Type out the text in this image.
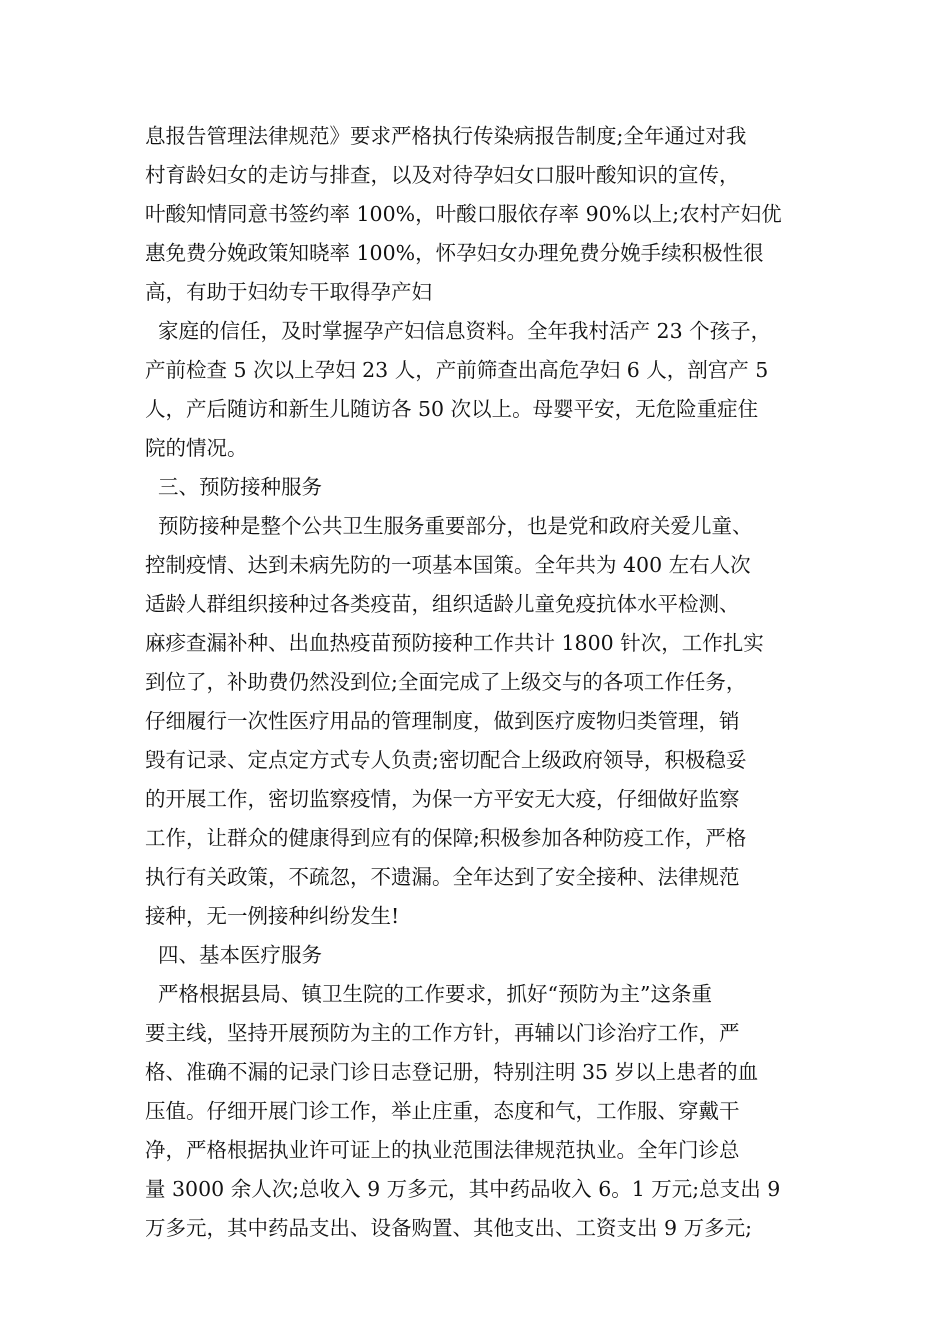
息报告管理法律规范》要求严格执行传染病报告制度;全年通过对我
村育龄妇女的走访与排查，以及对待孕妇女口服叶酸知识的宣传，
叶酸知情同意书签约率 100%，叶酸口服依存率 90%以上;农村产妇优
惠免费分娩政策知晓率 100%，怀孕妇女办理免费分娩手续积极性很
高，有助于妇幼专干取得孕产妇
家庭的信任，及时掌握孕产妇信息资料。全年我村活产 23 个孩子，
产前检查 5 次以上孕妇 23 人，产前筛查出高危孕妇 6 人，剖宫产 5
人，产后随访和新生儿随访各 50 次以上。母婴平安，无危险重症住
院的情况。
三、预防接种服务
预防接种是整个公共卫生服务重要部分，也是党和政府关爱儿童、
控制疫情、达到未病先防的一项基本国策。全年共为 400 左右人次
适龄人群组织接种过各类疫苗，组织适龄儿童免疫抗体水平检测、
麻疹查漏补种、出血热疫苗预防接种工作共计 1800 针次，工作扎实
到位了，补助费仍然没到位;全面完成了上级交与的各项工作任务，
仔细履行一次性医疗用品的管理制度，做到医疗废物归类管理，销
毁有记录、定点定方式专人负责;密切配合上级政府领导，积极稳妥
的开展工作，密切监察疫情，为保一方平安无大疫，仔细做好监察
工作，让群众的健康得到应有的保障;积极参加各种防疫工作，严格
执行有关政策，不疏忽，不遗漏。全年达到了安全接种、法律规范
接种，无一例接种纠纷发生!
四、基本医疗服务
严格根据县局、镇卫生院的工作要求，抓好“预防为主”这条重
要主线，坚持开展预防为主的工作方针，再辅以门诊治疗工作，严
格、准确不漏的记录门诊日志登记册，特别注明 35 岁以上患者的血
压值。仔细开展门诊工作，举止庄重，态度和气，工作服、穿戴干
净，严格根据执业许可证上的执业范围法律规范执业。全年门诊总
量 3000 余人次;总收入 9 万多元，其中药品收入 6。1 万元;总支出 9
万多元，其中药品支出、设备购置、其他支出、工资支出 9 万多元;
